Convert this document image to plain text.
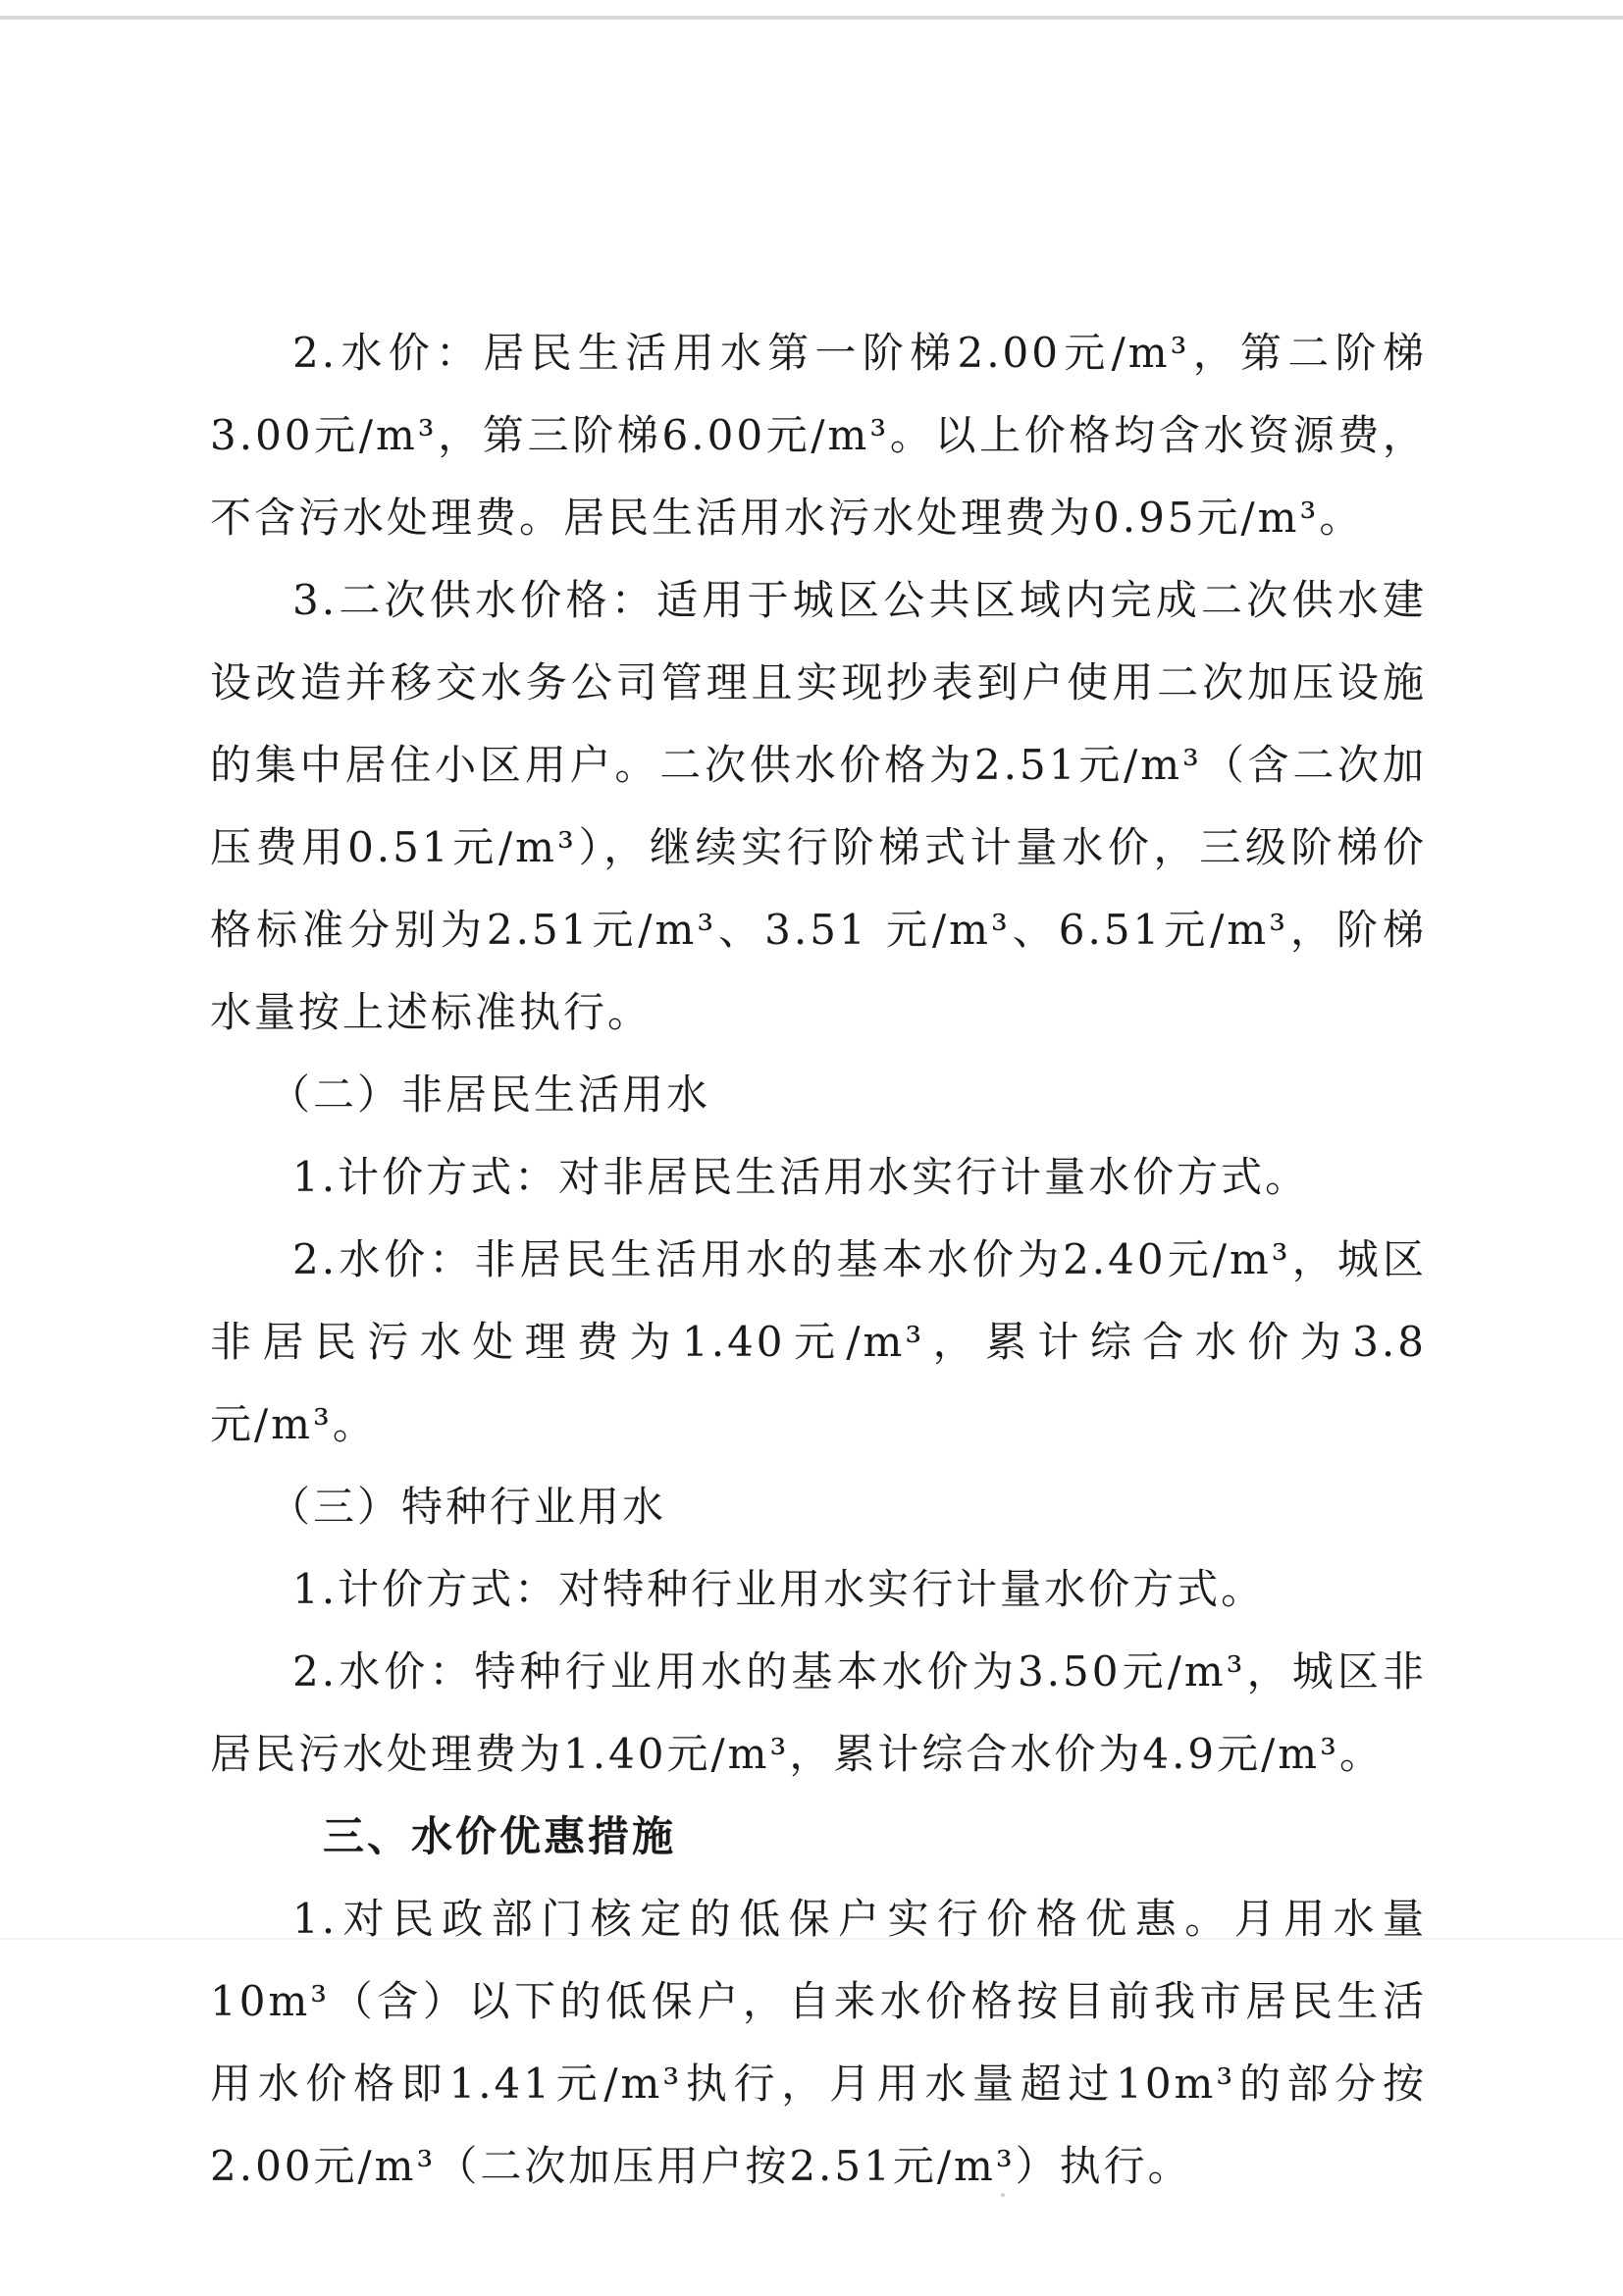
2.水价：居民生活用水第一阶梯2.00元/m³，第二阶梯3.00元/m³，第三阶梯6.00元/m³。以上价格均含水资源费，不含污水处理费。居民生活用水污水处理费为0.95元/m³。

3.二次供水价格：适用于城区公共区域内完成二次供水建设改造并移交水务公司管理且实现抄表到户使用二次加压设施的集中居住小区用户。二次供水价格为2.51元/m³（含二次加压费用0.51元/m³），继续实行阶梯式计量水价，三级阶梯价格标准分别为2.51元/m³、3.51 元/m³、6.51元/m³，阶梯水量按上述标准执行。

（二）非居民生活用水

1.计价方式：对非居民生活用水实行计量水价方式。

2.水价：非居民生活用水的基本水价为2.40元/m³，城区非居民污水处理费为1.40元/m³，累计综合水价为3.8元/m³。

（三）特种行业用水

1.计价方式：对特种行业用水实行计量水价方式。

2.水价：特种行业用水的基本水价为3.50元/m³，城区非居民污水处理费为1.40元/m³，累计综合水价为4.9元/m³。

三、水价优惠措施

1.对民政部门核定的低保户实行价格优惠。月用水量10m³（含）以下的低保户，自来水价格按目前我市居民生活用水价格即1.41元/m³执行，月用水量超过10m³的部分按2.00元/m³（二次加压用户按2.51元/m³）执行。
